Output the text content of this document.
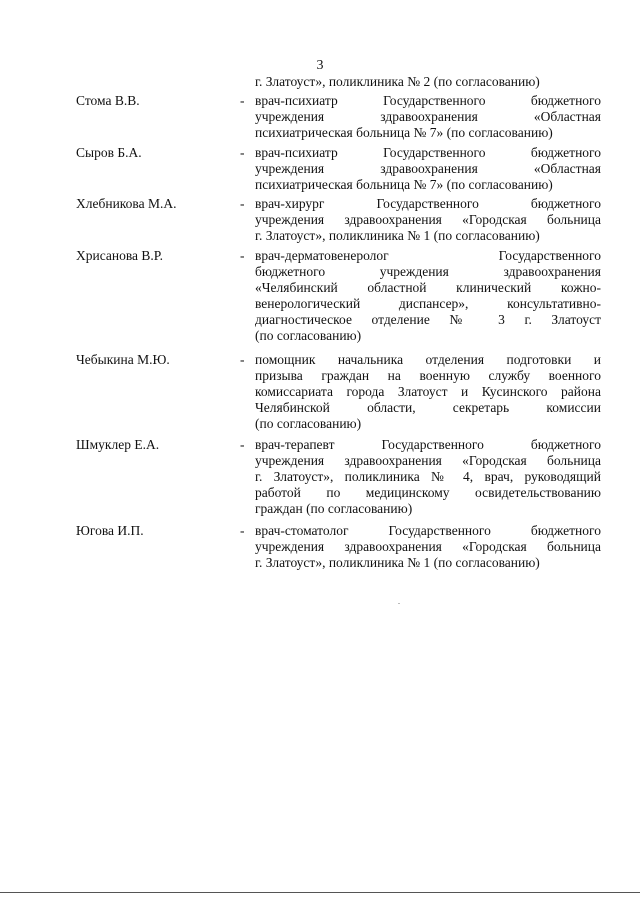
3
г. Златоуст», поликлиника № 2 (по согласованию)
Стома В.В.	- врач-психиатр Государственного бюджетного
учреждения здравоохранения «Областная
психиатрическая больница № 7» (по согласованию)
Сыров Б.А.	- врач-психиатр Государственного бюджетного
учреждения здравоохранения «Областная
психиатрическая больница № 7» (по согласованию)
Хлебникова М.А.	- врач-хирург Государственного бюджетного
учреждения здравоохранения «Городская больница
г. Златоуст», поликлиника № 1 (по согласованию)
Хрисанова В.Р.	- врач-дерматовенеролог Государственного
бюджетного учреждения здравоохранения
«Челябинский областной клинический кожно-
венерологический диспансер», консультативно-
диагностическое отделение № 3 г. Златоуст
(по согласованию)
Чебыкина М.Ю.	- помощник начальника отделения подготовки и
призыва граждан на военную службу военного
комиссариата города Златоуст и Кусинского района
Челябинской области, секретарь комиссии
(по согласованию)
Шмуклер Е.А.	- врач-терапевт Государственного бюджетного
учреждения здравоохранения «Городская больница
г. Златоуст», поликлиника № 4, врач, руководящий
работой по медицинскому освидетельствованию
граждан (по согласованию)
Югова И.П.	- врач-стоматолог Государственного бюджетного
учреждения здравоохранения «Городская больница
г. Златоуст», поликлиника № 1 (по согласованию)
